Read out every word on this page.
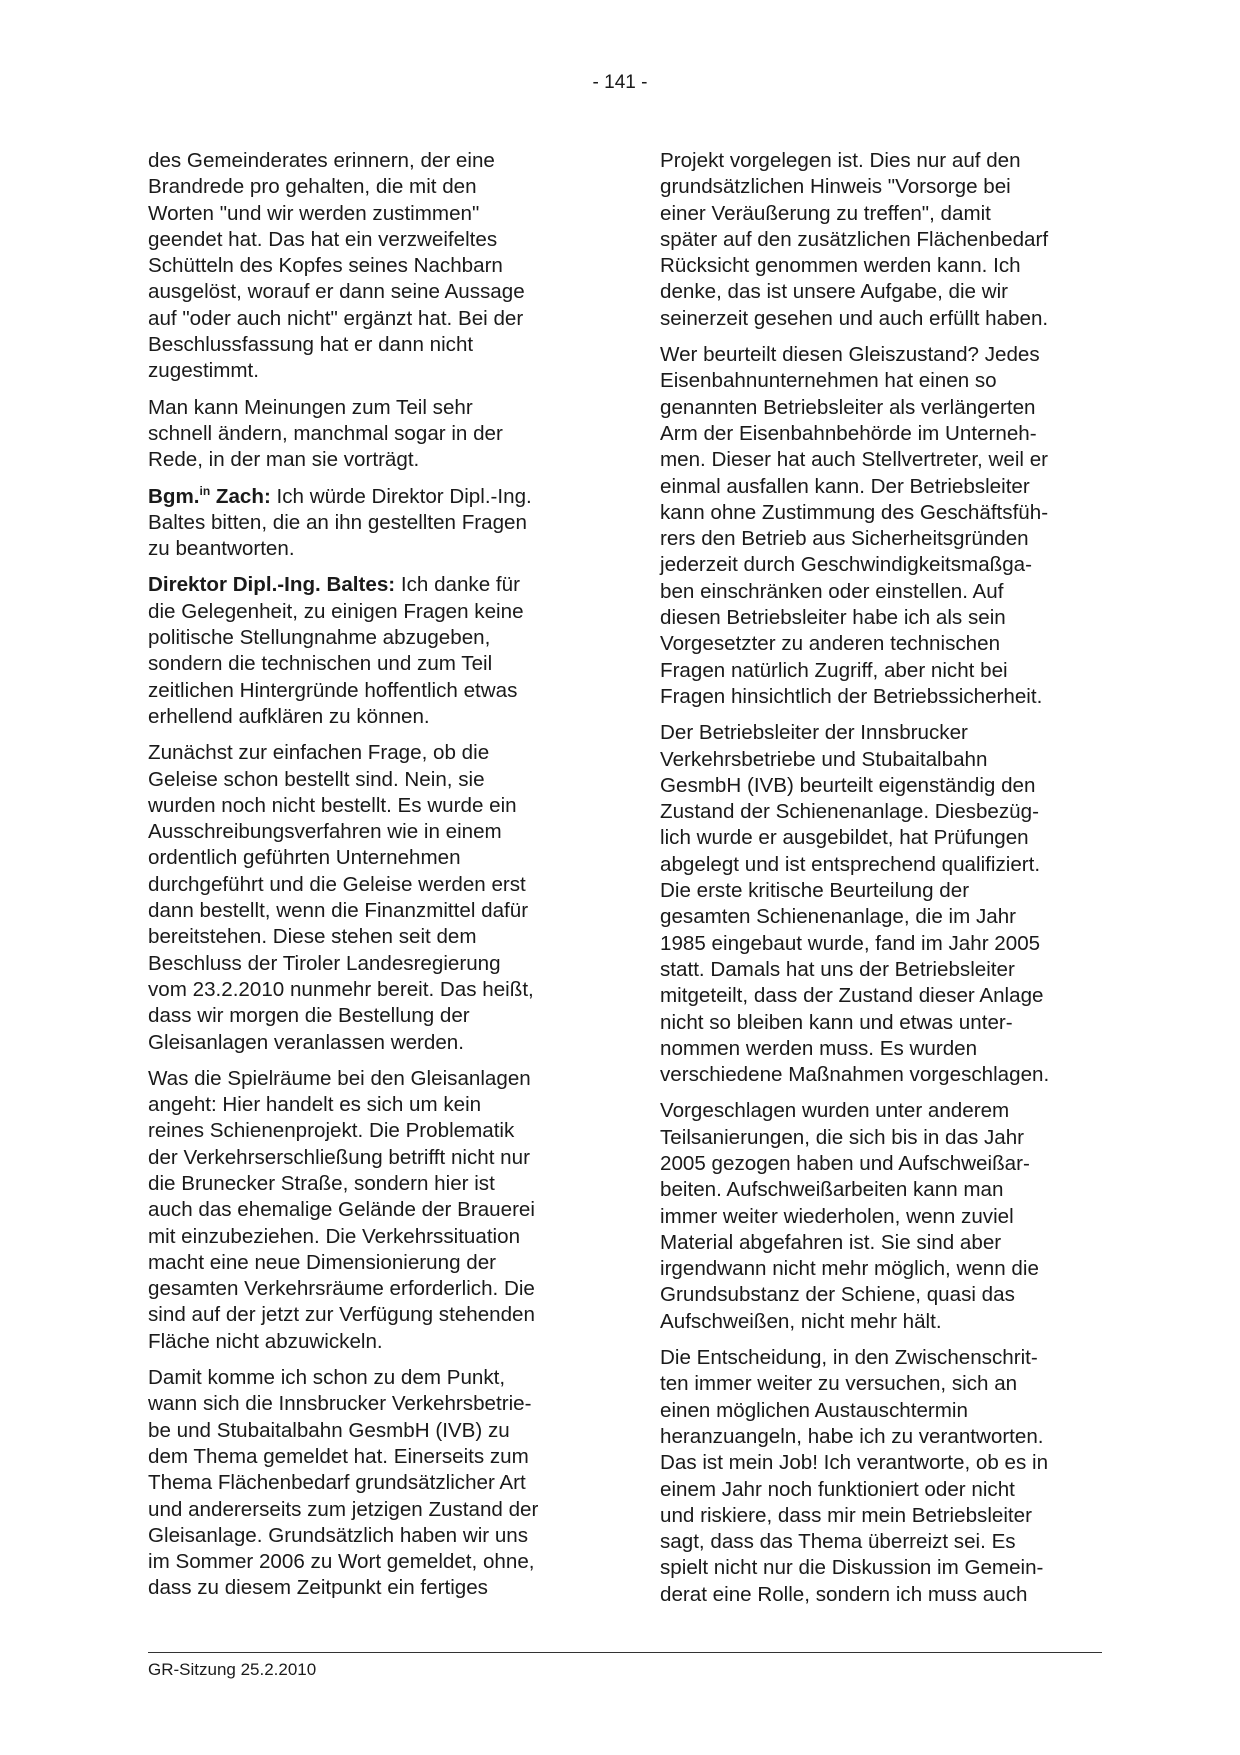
- 141 -

des Gemeinderates erinnern, der eine
Brandrede pro gehalten, die mit den
Worten "und wir werden zustimmen"
geendet hat. Das hat ein verzweifeltes
Schütteln des Kopfes seines Nachbarn
ausgelöst, worauf er dann seine Aussage
auf "oder auch nicht" ergänzt hat. Bei der
Beschlussfassung hat er dann nicht
zugestimmt.

Man kann Meinungen zum Teil sehr
schnell ändern, manchmal sogar in der
Rede, in der man sie vorträgt.

Bgm.$^{in}$ Zach: Ich würde Direktor Dipl.-Ing.
Baltes bitten, die an ihn gestellten Fragen
zu beantworten.

Direktor Dipl.-Ing. Baltes: Ich danke für
die Gelegenheit, zu einigen Fragen keine
politische Stellungnahme abzugeben,
sondern die technischen und zum Teil
zeitlichen Hintergründe hoffentlich etwas
erhellend aufklären zu können.

Zunächst zur einfachen Frage, ob die
Geleise schon bestellt sind. Nein, sie
wurden noch nicht bestellt. Es wurde ein
Ausschreibungsverfahren wie in einem
ordentlich geführten Unternehmen
durchgeführt und die Geleise werden erst
dann bestellt, wenn die Finanzmittel dafür
bereitstehen. Diese stehen seit dem
Beschluss der Tiroler Landesregierung
vom 23.2.2010 nunmehr bereit. Das heißt,
dass wir morgen die Bestellung der
Gleisanlagen veranlassen werden.

Was die Spielräume bei den Gleisanlagen
angeht: Hier handelt es sich um kein
reines Schienenprojekt. Die Problematik
der Verkehrserschließung betrifft nicht nur
die Brunecker Straße, sondern hier ist
auch das ehemalige Gelände der Brauerei
mit einzubeziehen. Die Verkehrssituation
macht eine neue Dimensionierung der
gesamten Verkehrsräume erforderlich. Die
sind auf der jetzt zur Verfügung stehenden
Fläche nicht abzuwickeln.

Damit komme ich schon zu dem Punkt,
wann sich die Innsbrucker Verkehrsbetrie-
be und Stubaitalbahn GesmbH (IVB) zu
dem Thema gemeldet hat. Einerseits zum
Thema Flächenbedarf grundsätzlicher Art
und andererseits zum jetzigen Zustand der
Gleisanlage. Grundsätzlich haben wir uns
im Sommer 2006 zu Wort gemeldet, ohne,
dass zu diesem Zeitpunkt ein fertiges

Projekt vorgelegen ist. Dies nur auf den
grundsätzlichen Hinweis "Vorsorge bei
einer Veräußerung zu treffen", damit
später auf den zusätzlichen Flächenbedarf
Rücksicht genommen werden kann. Ich
denke, das ist unsere Aufgabe, die wir
seinerzeit gesehen und auch erfüllt haben.

Wer beurteilt diesen Gleiszustand? Jedes
Eisenbahnunternehmen hat einen so
genannten Betriebsleiter als verlängerten
Arm der Eisenbahnbehörde im Unterneh-
men. Dieser hat auch Stellvertreter, weil er
einmal ausfallen kann. Der Betriebsleiter
kann ohne Zustimmung des Geschäftsfüh-
rers den Betrieb aus Sicherheitsgründen
jederzeit durch Geschwindigkeitsmaßga-
ben einschränken oder einstellen. Auf
diesen Betriebsleiter habe ich als sein
Vorgesetzter zu anderen technischen
Fragen natürlich Zugriff, aber nicht bei
Fragen hinsichtlich der Betriebssicherheit.

Der Betriebsleiter der Innsbrucker
Verkehrsbetriebe und Stubaitalbahn
GesmbH (IVB) beurteilt eigenständig den
Zustand der Schienenanlage. Diesbezüg-
lich wurde er ausgebildet, hat Prüfungen
abgelegt und ist entsprechend qualifiziert.
Die erste kritische Beurteilung der
gesamten Schienenanlage, die im Jahr
1985 eingebaut wurde, fand im Jahr 2005
statt. Damals hat uns der Betriebsleiter
mitgeteilt, dass der Zustand dieser Anlage
nicht so bleiben kann und etwas unter-
nommen werden muss. Es wurden
verschiedene Maßnahmen vorgeschlagen.

Vorgeschlagen wurden unter anderem
Teilsanierungen, die sich bis in das Jahr
2005 gezogen haben und Aufschweißar-
beiten. Aufschweißarbeiten kann man
immer weiter wiederholen, wenn zuviel
Material abgefahren ist. Sie sind aber
irgendwann nicht mehr möglich, wenn die
Grundsubstanz der Schiene, quasi das
Aufschweißen, nicht mehr hält.

Die Entscheidung, in den Zwischenschrit-
ten immer weiter zu versuchen, sich an
einen möglichen Austauschtermin
heranzuangeln, habe ich zu verantworten.
Das ist mein Job! Ich verantworte, ob es in
einem Jahr noch funktioniert oder nicht
und riskiere, dass mir mein Betriebsleiter
sagt, dass das Thema überreizt sei. Es
spielt nicht nur die Diskussion im Gemein-
derat eine Rolle, sondern ich muss auch

GR-Sitzung 25.2.2010
